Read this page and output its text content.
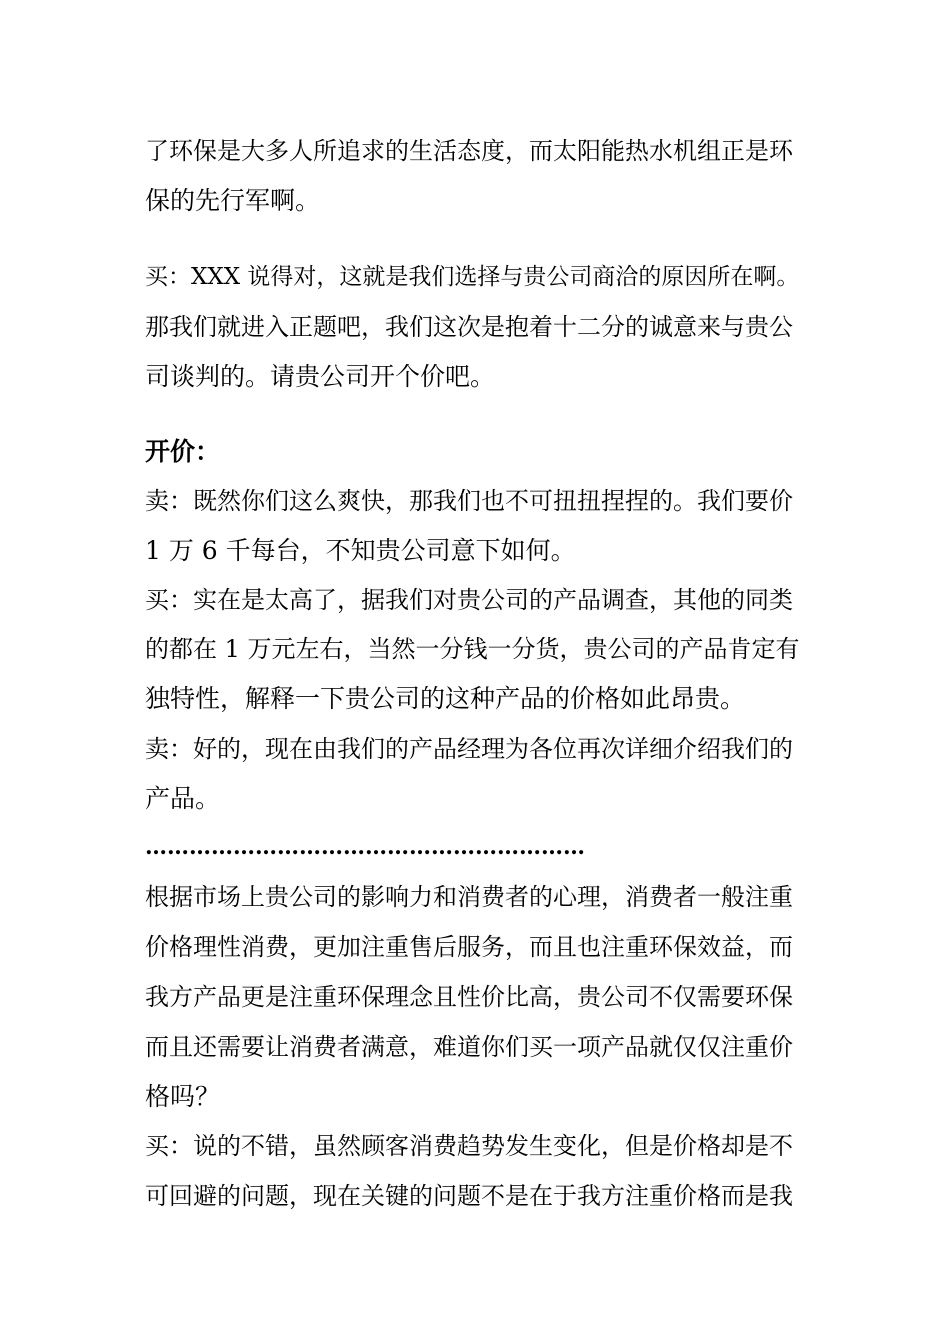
了环保是大多人所追求的生活态度，而太阳能热水机组正是环
保的先行军啊。
买：XXX 说得对，这就是我们选择与贵公司商洽的原因所在啊。
那我们就进入正题吧，我们这次是抱着十二分的诚意来与贵公
司谈判的。请贵公司开个价吧。
开价：
卖：既然你们这么爽快，那我们也不可扭扭捏捏的。我们要价
1 万 6 千每台，不知贵公司意下如何。
买：实在是太高了，据我们对贵公司的产品调查，其他的同类
的都在 1 万元左右，当然一分钱一分货，贵公司的产品肯定有
独特性，解释一下贵公司的这种产品的价格如此昂贵。
卖：好的，现在由我们的产品经理为各位再次详细介绍我们的
产品。
……………………………………………………
根据市场上贵公司的影响力和消费者的心理，消费者一般注重
价格理性消费，更加注重售后服务，而且也注重环保效益，而
我方产品更是注重环保理念且性价比高，贵公司不仅需要环保
而且还需要让消费者满意，难道你们买一项产品就仅仅注重价
格吗？
买：说的不错，虽然顾客消费趋势发生变化，但是价格却是不
可回避的问题，现在关键的问题不是在于我方注重价格而是我
